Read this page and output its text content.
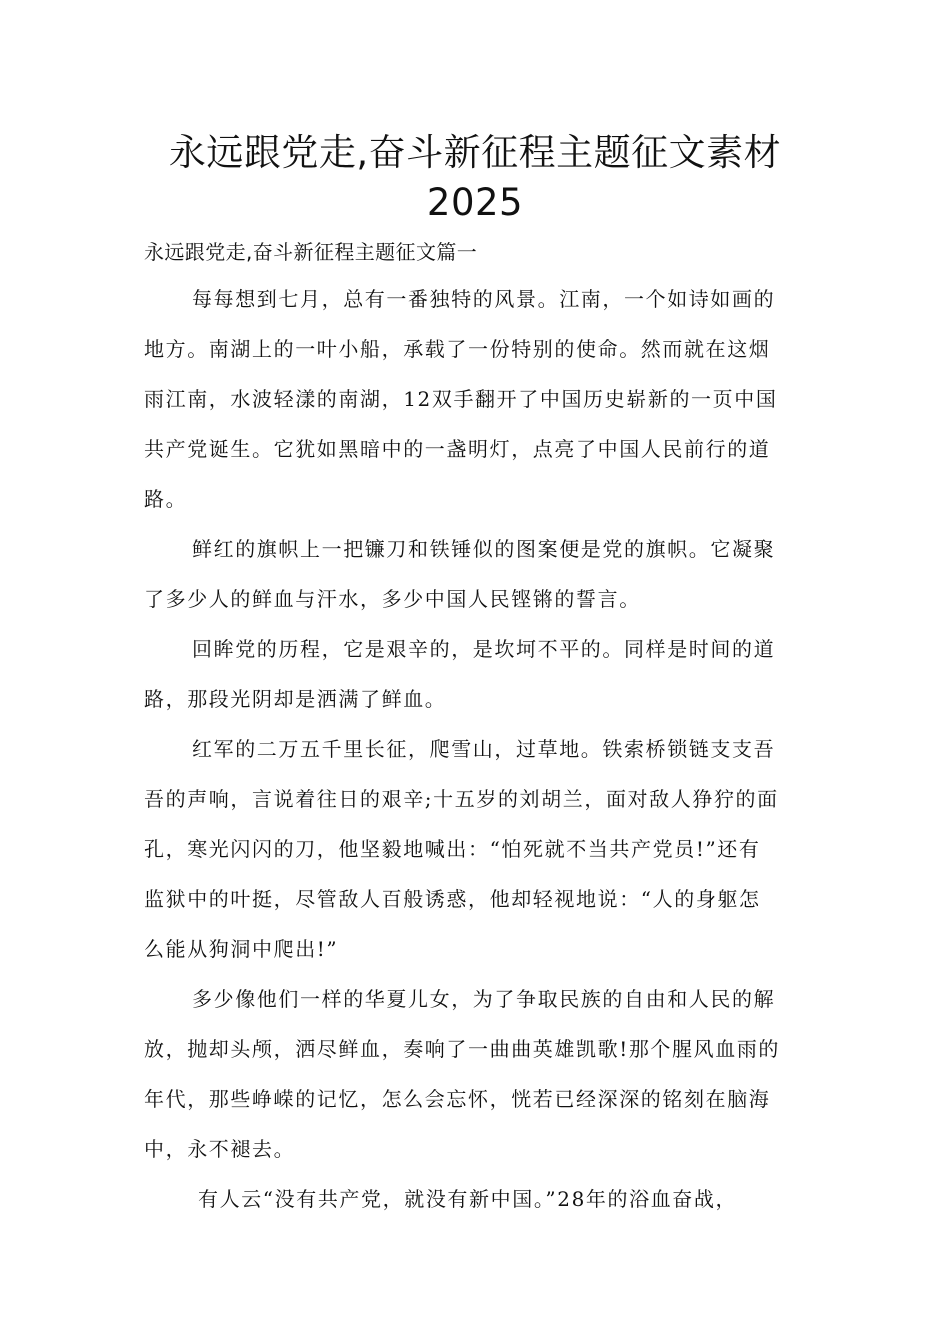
永远跟党走,奋斗新征程主题征文素材
2025
永远跟党走,奋斗新征程主题征文篇一
每每想到七月，总有一番独特的风景。江南，一个如诗如画的
地方。南湖上的一叶小船，承载了一份特别的使命。然而就在这烟
雨江南，水波轻漾的南湖，12双手翻开了中国历史崭新的一页中国
共产党诞生。它犹如黑暗中的一盏明灯，点亮了中国人民前行的道
路。
鲜红的旗帜上一把镰刀和铁锤似的图案便是党的旗帜。它凝聚
了多少人的鲜血与汗水，多少中国人民铿锵的誓言。
回眸党的历程，它是艰辛的，是坎坷不平的。同样是时间的道
路，那段光阴却是洒满了鲜血。
红军的二万五千里长征，爬雪山，过草地。铁索桥锁链支支吾
吾的声响，言说着往日的艰辛;十五岁的刘胡兰，面对敌人狰狞的面
孔，寒光闪闪的刀，他坚毅地喊出：“怕死就不当共产党员!”还有
监狱中的叶挺，尽管敌人百般诱惑，他却轻视地说：“人的身躯怎
么能从狗洞中爬出!”
多少像他们一样的华夏儿女，为了争取民族的自由和人民的解
放，抛却头颅，洒尽鲜血，奏响了一曲曲英雄凯歌!那个腥风血雨的
年代，那些峥嵘的记忆，怎么会忘怀，恍若已经深深的铭刻在脑海
中，永不褪去。
有人云“没有共产党，就没有新中国。”28年的浴血奋战，
